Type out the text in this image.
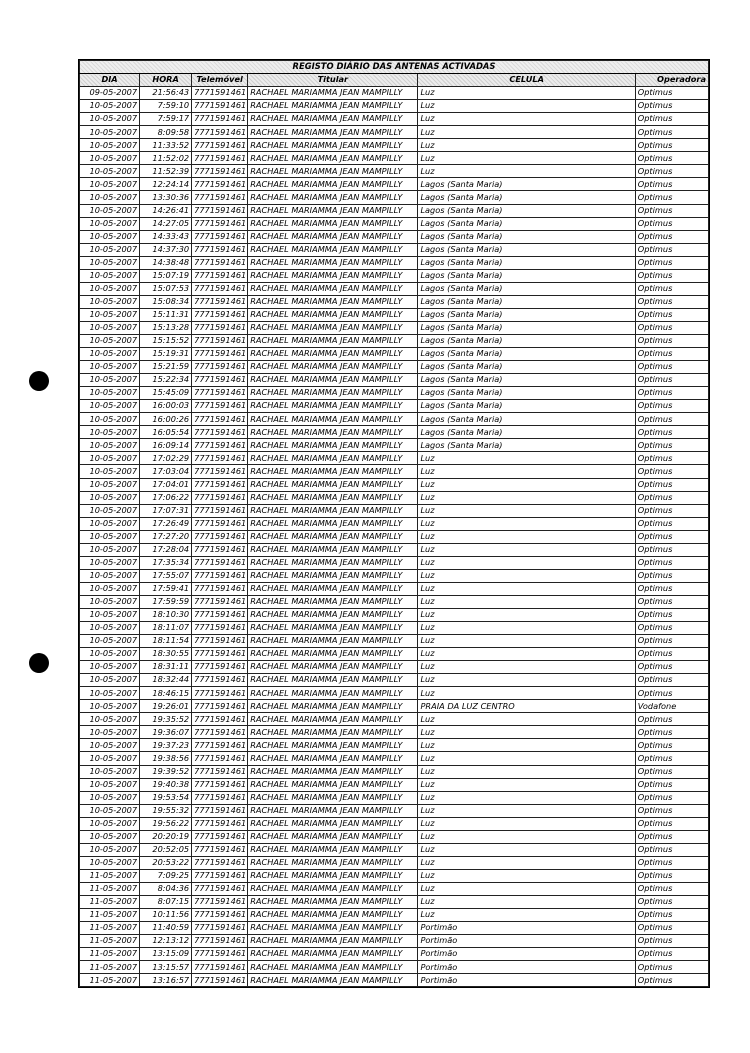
REGISTO DIÁRIO DAS ANTENAS ACTIVADAS					
DIA	HORA	Telemóvel	Titular	CELULA	Operadora
09-05-2007	21:56:43	7771591461	RACHAEL MARIAMMA JEAN MAMPILLY	Luz	Optimus
10-05-2007	7:59:10	7771591461	RACHAEL MARIAMMA JEAN MAMPILLY	Luz	Optimus
10-05-2007	7:59:17	7771591461	RACHAEL MARIAMMA JEAN MAMPILLY	Luz	Optimus
10-05-2007	8:09:58	7771591461	RACHAEL MARIAMMA JEAN MAMPILLY	Luz	Optimus
10-05-2007	11:33:52	7771591461	RACHAEL MARIAMMA JEAN MAMPILLY	Luz	Optimus
10-05-2007	11:52:02	7771591461	RACHAEL MARIAMMA JEAN MAMPILLY	Luz	Optimus
10-05-2007	11:52:39	7771591461	RACHAEL MARIAMMA JEAN MAMPILLY	Luz	Optimus
10-05-2007	12:24:14	7771591461	RACHAEL MARIAMMA JEAN MAMPILLY	Lagos (Santa Maria)	Optimus
10-05-2007	13:30:36	7771591461	RACHAEL MARIAMMA JEAN MAMPILLY	Lagos (Santa Maria)	Optimus
10-05-2007	14:26:41	7771591461	RACHAEL MARIAMMA JEAN MAMPILLY	Lagos (Santa Maria)	Optimus
10-05-2007	14:27:05	7771591461	RACHAEL MARIAMMA JEAN MAMPILLY	Lagos (Santa Maria)	Optimus
10-05-2007	14:33:43	7771591461	RACHAEL MARIAMMA JEAN MAMPILLY	Lagos (Santa Maria)	Optimus
10-05-2007	14:37:30	7771591461	RACHAEL MARIAMMA JEAN MAMPILLY	Lagos (Santa Maria)	Optimus
10-05-2007	14:38:48	7771591461	RACHAEL MARIAMMA JEAN MAMPILLY	Lagos (Santa Maria)	Optimus
10-05-2007	15:07:19	7771591461	RACHAEL MARIAMMA JEAN MAMPILLY	Lagos (Santa Maria)	Optimus
10-05-2007	15:07:53	7771591461	RACHAEL MARIAMMA JEAN MAMPILLY	Lagos (Santa Maria)	Optimus
10-05-2007	15:08:34	7771591461	RACHAEL MARIAMMA JEAN MAMPILLY	Lagos (Santa Maria)	Optimus
10-05-2007	15:11:31	7771591461	RACHAEL MARIAMMA JEAN MAMPILLY	Lagos (Santa Maria)	Optimus
10-05-2007	15:13:28	7771591461	RACHAEL MARIAMMA JEAN MAMPILLY	Lagos (Santa Maria)	Optimus
10-05-2007	15:15:52	7771591461	RACHAEL MARIAMMA JEAN MAMPILLY	Lagos (Santa Maria)	Optimus
10-05-2007	15:19:31	7771591461	RACHAEL MARIAMMA JEAN MAMPILLY	Lagos (Santa Maria)	Optimus
10-05-2007	15:21:59	7771591461	RACHAEL MARIAMMA JEAN MAMPILLY	Lagos (Santa Maria)	Optimus
10-05-2007	15:22:34	7771591461	RACHAEL MARIAMMA JEAN MAMPILLY	Lagos (Santa Maria)	Optimus
10-05-2007	15:45:09	7771591461	RACHAEL MARIAMMA JEAN MAMPILLY	Lagos (Santa Maria)	Optimus
10-05-2007	16:00:03	7771591461	RACHAEL MARIAMMA JEAN MAMPILLY	Lagos (Santa Maria)	Optimus
10-05-2007	16:00:26	7771591461	RACHAEL MARIAMMA JEAN MAMPILLY	Lagos (Santa Maria)	Optimus
10-05-2007	16:05:54	7771591461	RACHAEL MARIAMMA JEAN MAMPILLY	Lagos (Santa Maria)	Optimus
10-05-2007	16:09:14	7771591461	RACHAEL MARIAMMA JEAN MAMPILLY	Lagos (Santa Maria)	Optimus
10-05-2007	17:02:29	7771591461	RACHAEL MARIAMMA JEAN MAMPILLY	Luz	Optimus
10-05-2007	17:03:04	7771591461	RACHAEL MARIAMMA JEAN MAMPILLY	Luz	Optimus
10-05-2007	17:04:01	7771591461	RACHAEL MARIAMMA JEAN MAMPILLY	Luz	Optimus
10-05-2007	17:06:22	7771591461	RACHAEL MARIAMMA JEAN MAMPILLY	Luz	Optimus
10-05-2007	17:07:31	7771591461	RACHAEL MARIAMMA JEAN MAMPILLY	Luz	Optimus
10-05-2007	17:26:49	7771591461	RACHAEL MARIAMMA JEAN MAMPILLY	Luz	Optimus
10-05-2007	17:27:20	7771591461	RACHAEL MARIAMMA JEAN MAMPILLY	Luz	Optimus
10-05-2007	17:28:04	7771591461	RACHAEL MARIAMMA JEAN MAMPILLY	Luz	Optimus
10-05-2007	17:35:34	7771591461	RACHAEL MARIAMMA JEAN MAMPILLY	Luz	Optimus
10-05-2007	17:55:07	7771591461	RACHAEL MARIAMMA JEAN MAMPILLY	Luz	Optimus
10-05-2007	17:59:41	7771591461	RACHAEL MARIAMMA JEAN MAMPILLY	Luz	Optimus
10-05-2007	17:59:59	7771591461	RACHAEL MARIAMMA JEAN MAMPILLY	Luz	Optimus
10-05-2007	18:10:30	7771591461	RACHAEL MARIAMMA JEAN MAMPILLY	Luz	Optimus
10-05-2007	18:11:07	7771591461	RACHAEL MARIAMMA JEAN MAMPILLY	Luz	Optimus
10-05-2007	18:11:54	7771591461	RACHAEL MARIAMMA JEAN MAMPILLY	Luz	Optimus
10-05-2007	18:30:55	7771591461	RACHAEL MARIAMMA JEAN MAMPILLY	Luz	Optimus
10-05-2007	18:31:11	7771591461	RACHAEL MARIAMMA JEAN MAMPILLY	Luz	Optimus
10-05-2007	18:32:44	7771591461	RACHAEL MARIAMMA JEAN MAMPILLY	Luz	Optimus
10-05-2007	18:46:15	7771591461	RACHAEL MARIAMMA JEAN MAMPILLY	Luz	Optimus
10-05-2007	19:26:01	7771591461	RACHAEL MARIAMMA JEAN MAMPILLY	PRAIA DA LUZ CENTRO	Vodafone
10-05-2007	19:35:52	7771591461	RACHAEL MARIAMMA JEAN MAMPILLY	Luz	Optimus
10-05-2007	19:36:07	7771591461	RACHAEL MARIAMMA JEAN MAMPILLY	Luz	Optimus
10-05-2007	19:37:23	7771591461	RACHAEL MARIAMMA JEAN MAMPILLY	Luz	Optimus
10-05-2007	19:38:56	7771591461	RACHAEL MARIAMMA JEAN MAMPILLY	Luz	Optimus
10-05-2007	19:39:52	7771591461	RACHAEL MARIAMMA JEAN MAMPILLY	Luz	Optimus
10-05-2007	19:40:38	7771591461	RACHAEL MARIAMMA JEAN MAMPILLY	Luz	Optimus
10-05-2007	19:53:54	7771591461	RACHAEL MARIAMMA JEAN MAMPILLY	Luz	Optimus
10-05-2007	19:55:32	7771591461	RACHAEL MARIAMMA JEAN MAMPILLY	Luz	Optimus
10-05-2007	19:56:22	7771591461	RACHAEL MARIAMMA JEAN MAMPILLY	Luz	Optimus
10-05-2007	20:20:19	7771591461	RACHAEL MARIAMMA JEAN MAMPILLY	Luz	Optimus
10-05-2007	20:52:05	7771591461	RACHAEL MARIAMMA JEAN MAMPILLY	Luz	Optimus
10-05-2007	20:53:22	7771591461	RACHAEL MARIAMMA JEAN MAMPILLY	Luz	Optimus
11-05-2007	7:09:25	7771591461	RACHAEL MARIAMMA JEAN MAMPILLY	Luz	Optimus
11-05-2007	8:04:36	7771591461	RACHAEL MARIAMMA JEAN MAMPILLY	Luz	Optimus
11-05-2007	8:07:15	7771591461	RACHAEL MARIAMMA JEAN MAMPILLY	Luz	Optimus
11-05-2007	10:11:56	7771591461	RACHAEL MARIAMMA JEAN MAMPILLY	Luz	Optimus
11-05-2007	11:40:59	7771591461	RACHAEL MARIAMMA JEAN MAMPILLY	Portimão	Optimus
11-05-2007	12:13:12	7771591461	RACHAEL MARIAMMA JEAN MAMPILLY	Portimão	Optimus
11-05-2007	13:15:09	7771591461	RACHAEL MARIAMMA JEAN MAMPILLY	Portimão	Optimus
11-05-2007	13:15:57	7771591461	RACHAEL MARIAMMA JEAN MAMPILLY	Portimão	Optimus
11-05-2007	13:16:57	7771591461	RACHAEL MARIAMMA JEAN MAMPILLY	Portimão	Optimus
